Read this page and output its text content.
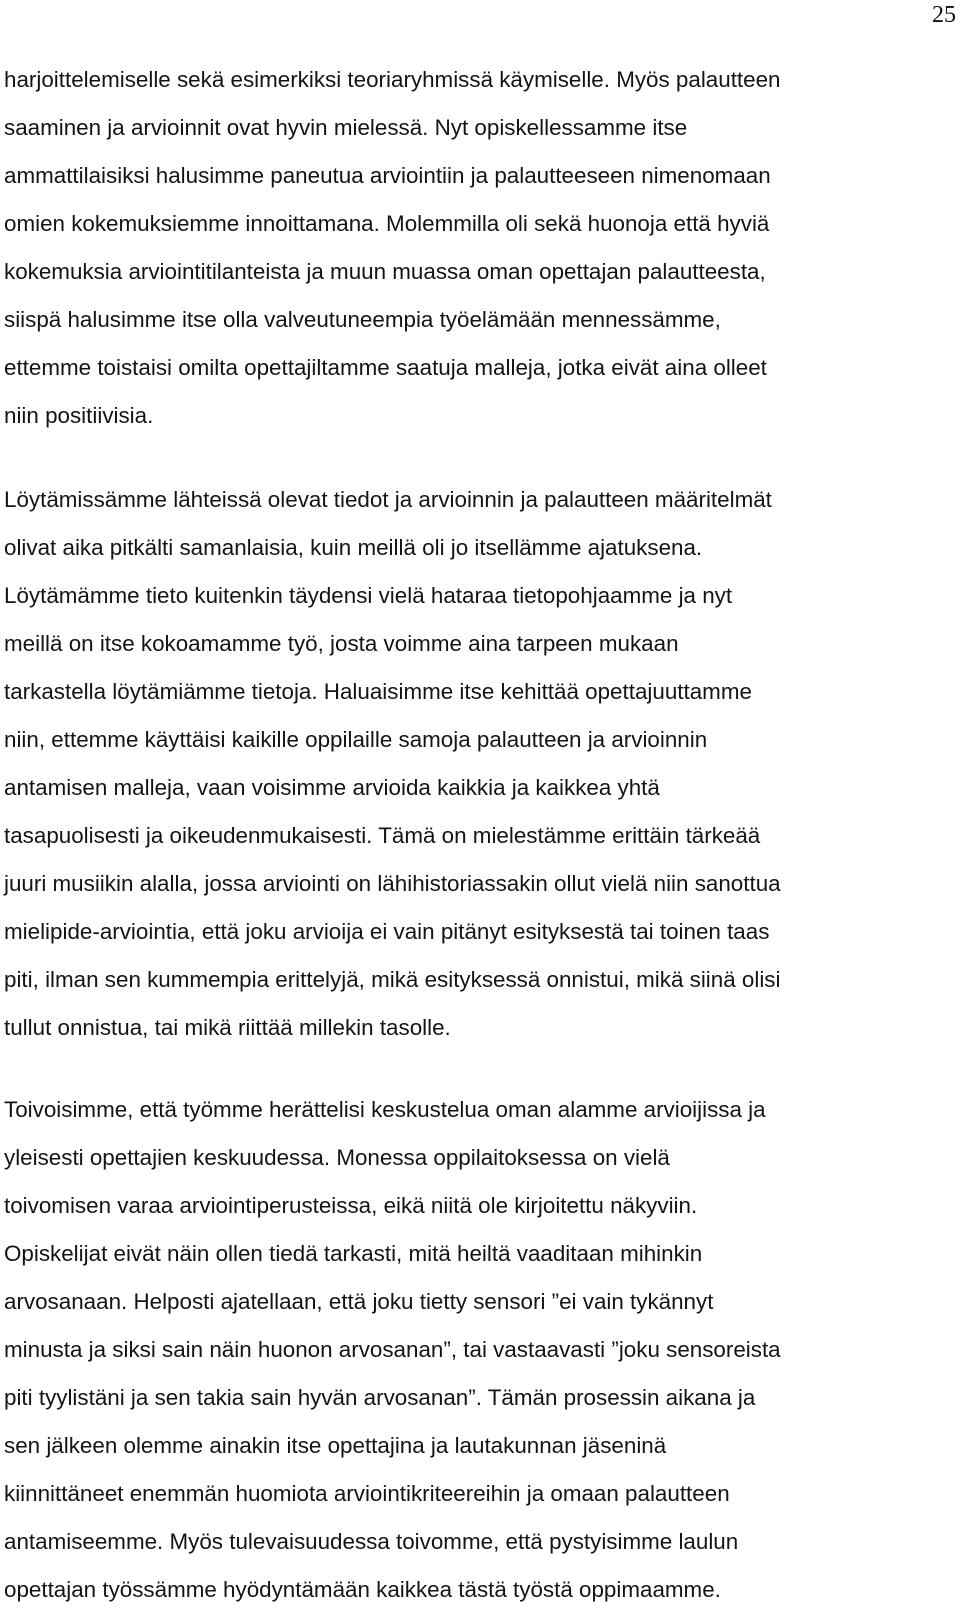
25
harjoittelemiselle sekä esimerkiksi teoriaryhmissä käymiselle. Myös palautteen
saaminen ja arvioinnit ovat hyvin mielessä. Nyt opiskellessamme itse
ammattilaisiksi halusimme paneutua arviointiin ja palautteeseen nimenomaan
omien kokemuksiemme innoittamana. Molemmilla oli sekä huonoja että hyviä
kokemuksia arviointitilanteista ja muun muassa oman opettajan palautteesta,
siispä halusimme itse olla valveutuneempia työelämään mennessämme,
ettemme toistaisi omilta opettajiltamme saatuja malleja, jotka eivät aina olleet
niin positiivisia.
Löytämissämme lähteissä olevat tiedot ja arvioinnin ja palautteen määritelmät
olivat aika pitkälti samanlaisia, kuin meillä oli jo itsellämme ajatuksena.
Löytämämme tieto kuitenkin täydensi vielä hataraa tietopohjaamme ja nyt
meillä on itse kokoamamme työ, josta voimme aina tarpeen mukaan
tarkastella löytämiämme tietoja. Haluaisimme itse kehittää opettajuuttamme
niin, ettemme käyttäisi kaikille oppilaille samoja palautteen ja arvioinnin
antamisen malleja, vaan voisimme arvioida kaikkia ja kaikkea yhtä
tasapuolisesti ja oikeudenmukaisesti. Tämä on mielestämme erittäin tärkeää
juuri musiikin alalla, jossa arviointi on lähihistoriassakin ollut vielä niin sanottua
mielipide-arviointia, että joku arvioija ei vain pitänyt esityksestä tai toinen taas
piti, ilman sen kummempia erittelyjä, mikä esityksessä onnistui, mikä siinä olisi
tullut onnistua, tai mikä riittää millekin tasolle.
Toivoisimme, että työmme herättelisi keskustelua oman alamme arvioijissa ja
yleisesti opettajien keskuudessa. Monessa oppilaitoksessa on vielä
toivomisen varaa arviointiperusteissa, eikä niitä ole kirjoitettu näkyviin.
Opiskelijat eivät näin ollen tiedä tarkasti, mitä heiltä vaaditaan mihinkin
arvosanaan. Helposti ajatellaan, että joku tietty sensori ”ei vain tykännyt
minusta ja siksi sain näin huonon arvosanan”, tai vastaavasti ”joku sensoreista
piti tyylistäni ja sen takia sain hyvän arvosanan”. Tämän prosessin aikana ja
sen jälkeen olemme ainakin itse opettajina ja lautakunnan jäseninä
kiinnittäneet enemmän huomiota arviointikriteereihin ja omaan palautteen
antamiseemme. Myös tulevaisuudessa toivomme, että pystyisimme laulun
opettajan työssämme hyödyntämään kaikkea tästä työstä oppimaamme.
